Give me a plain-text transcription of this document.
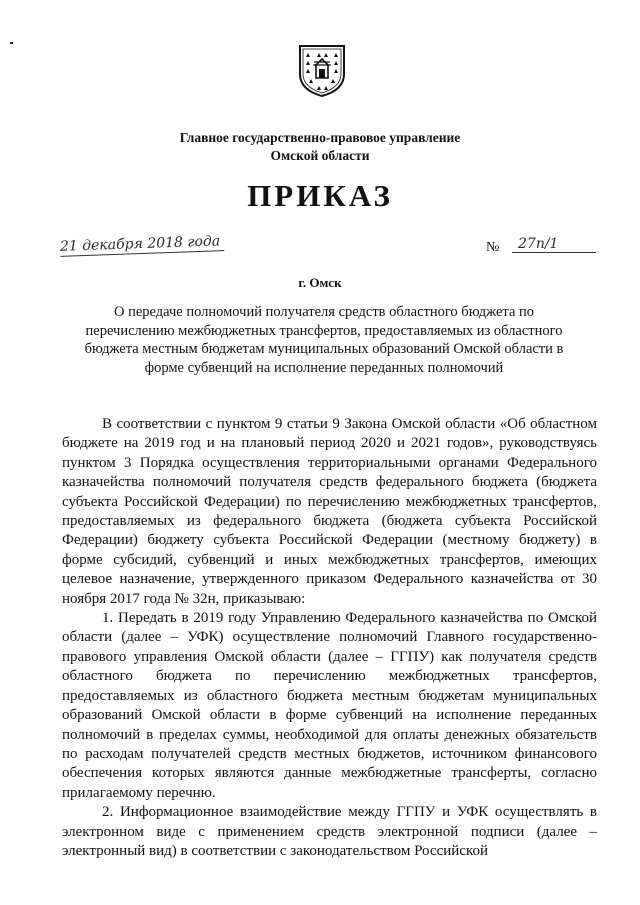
Главное государственно-правовое управление
Омской области
ПРИКАЗ
21 декабря 2018 года	№	27п/1
г. Омск
О передаче полномочий получателя средств областного бюджета по перечислению межбюджетных трансфертов, предоставляемых из областного бюджета местным бюджетам муниципальных образований Омской области в форме субвенций на исполнение переданных полномочий

В соответствии с пунктом 9 статьи 9 Закона Омской области «Об областном бюджете на 2019 год и на плановый период 2020 и 2021 годов», руководствуясь пунктом 3 Порядка осуществления территориальными органами Федерального казначейства полномочий получателя средств федерального бюджета (бюджета субъекта Российской Федерации) по перечислению межбюджетных трансфертов, предоставляемых из федерального бюджета (бюджета субъекта Российской Федерации) бюджету субъекта Российской Федерации (местному бюджету) в форме субсидий, субвенций и иных межбюджетных трансфертов, имеющих целевое назначение, утвержденного приказом Федерального казначейства от 30 ноября 2017 года № 32н, приказываю:

1. Передать в 2019 году Управлению Федерального казначейства по Омской области (далее – УФК) осуществление полномочий Главного государственно-правового управления Омской области (далее – ГГПУ) как получателя средств областного бюджета по перечислению межбюджетных трансфертов, предоставляемых из областного бюджета местным бюджетам муниципальных образований Омской области в форме субвенций на исполнение переданных полномочий в пределах суммы, необходимой для оплаты денежных обязательств по расходам получателей средств местных бюджетов, источником финансового обеспечения которых являются данные межбюджетные трансферты, согласно прилагаемому перечню.

2. Информационное взаимодействие между ГГПУ и УФК осуществлять в электронном виде с применением средств электронной подписи (далее – электронный вид) в соответствии с законодательством Российской
